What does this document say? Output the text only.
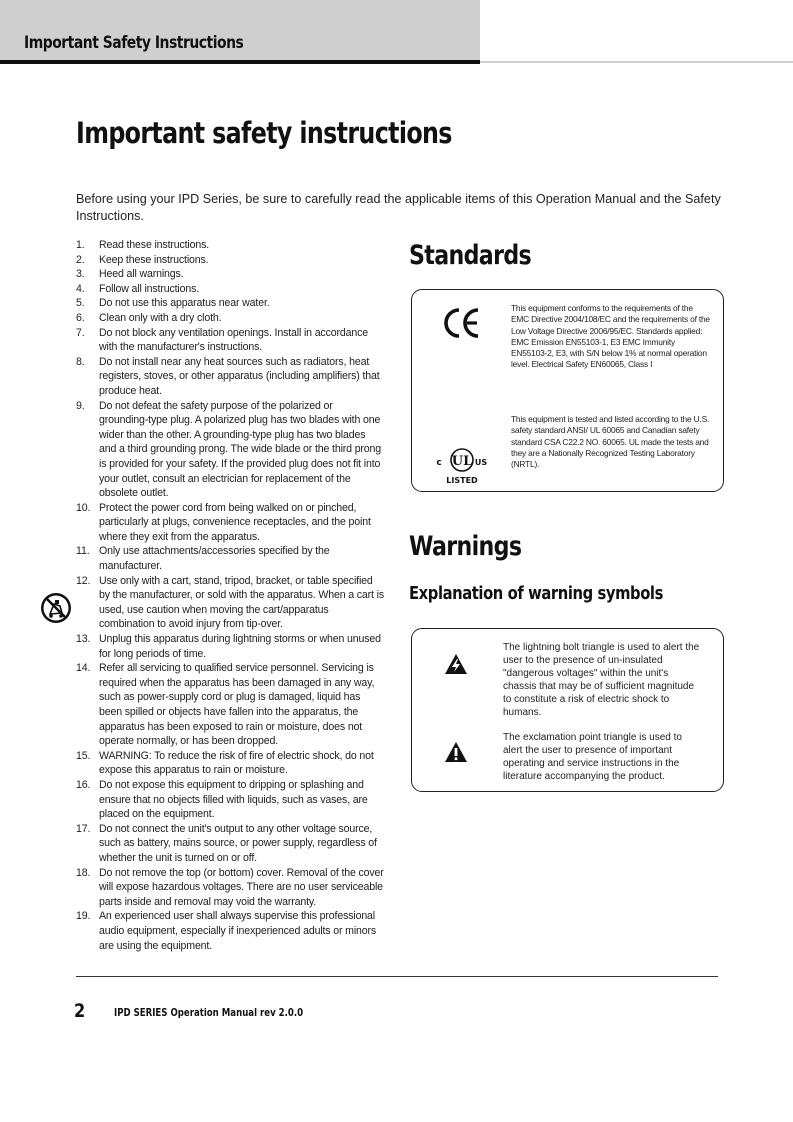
Important Safety Instructions
Important safety instructions

Before using your IPD Series, be sure to carefully read the applicable items of this Operation Manual and the Safety Instructions.

1.	Read these instructions.
2.	Keep these instructions.
3.	Heed all warnings.
4.	Follow all instructions.
5.	Do not use this apparatus near water.
6.	Clean only with a dry cloth.
7.	Do not block any ventilation openings. Install in accordance with the manufacturer's instructions.
8.	Do not install near any heat sources such as radiators, heat registers, stoves, or other apparatus (including amplifiers) that produce heat.
9.	Do not defeat the safety purpose of the polarized or grounding-type plug. A polarized plug has two blades with one wider than the other. A grounding-type plug has two blades and a third grounding prong. The wide blade or the third prong is provided for your safety. If the provided plug does not fit into your outlet, consult an electrician for replacement of the obsolete outlet.
10. Protect the power cord from being walked on or pinched, particularly at plugs, convenience receptacles, and the point where they exit from the apparatus.
11. Only use attachments/accessories specified by the manufacturer.
12. Use only with a cart, stand, tripod, bracket, or table specified by the manufacturer, or sold with the apparatus. When a cart is used, use caution when moving the cart/apparatus combination to avoid injury from tip-over.
13. Unplug this apparatus during lightning storms or when unused for long periods of time.
14. Refer all servicing to qualified service personnel. Servicing is required when the apparatus has been damaged in any way, such as power-supply cord or plug is damaged, liquid has been spilled or objects have fallen into the apparatus, the apparatus has been exposed to rain or moisture, does not operate normally, or has been dropped.
15. WARNING: To reduce the risk of fire of electric shock, do not expose this apparatus to rain or moisture.
16. Do not expose this equipment to dripping or splashing and ensure that no objects filled with liquids, such as vases, are placed on the equipment.
17. Do not connect the unit's output to any other voltage source, such as battery, mains source, or power supply, regardless of whether the unit is turned on or off.
18. Do not remove the top (or bottom) cover. Removal of the cover will expose hazardous voltages. There are no user serviceable parts inside and removal may void the warranty.
19. An experienced user shall always supervise this professional audio equipment, especially if inexperienced adults or minors are using the equipment.
Standards
This equipment conforms to the requirements of the EMC Directive 2004/108/EC and the requirements of the Low Voltage Directive 2006/95/EC. Standards applied: EMC Emission EN55103-1, E3 EMC Immunity EN55103-2, E3, with S/N below 1% at normal operation level. Electrical Safety EN60065, Class I
UL
c	US
LISTED
This equipment is tested and listed according to the U.S. safety standard ANSI/ UL 60065 and Canadian safety standard CSA C22.2 NO. 60065. UL made the tests and they are a Nationally Recognized Testing Laboratory (NRTL).
Warnings
Explanation of warning symbols
The lightning bolt triangle is used to alert the user to the presence of un-insulated "dangerous voltages" within the unit's chassis that may be of sufficient magnitude to constitute a risk of electric shock to humans.
The exclamation point triangle is used to alert the user to presence of important operating and service instructions in the literature accompanying the product.
2	IPD SERIES Operation Manual rev 2.0.0
